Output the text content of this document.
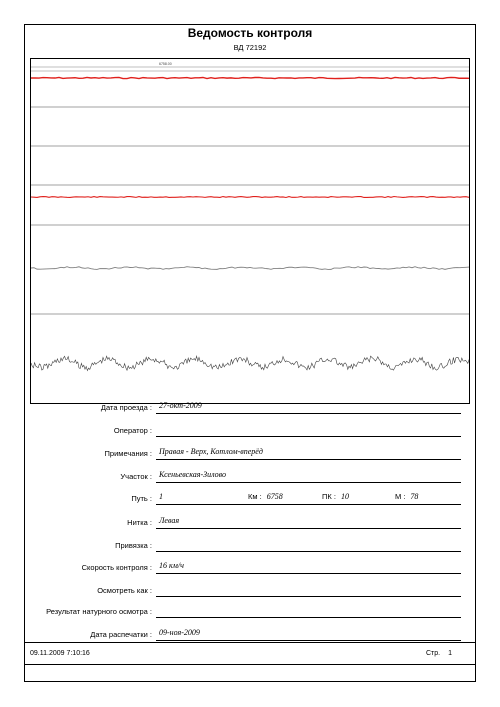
Ведомость контроля
ВД 72192
6758.00
Дата проезда : 27-окт-2009
Оператор :
Примечания : Правая - Верх, Котлом-вперёд
Участок : Ксеньевская-Зилово
Путь : 1	Км : 6758	ПК : 10	М : 78
Нитка : Левая
Привязка :
Скорость контроля : 16 км/ч
Осмотреть как :
Результат натурного осмотра :
Дата распечатки : 09-ноя-2009
09.11.2009 7:10:16	Стр. 1
